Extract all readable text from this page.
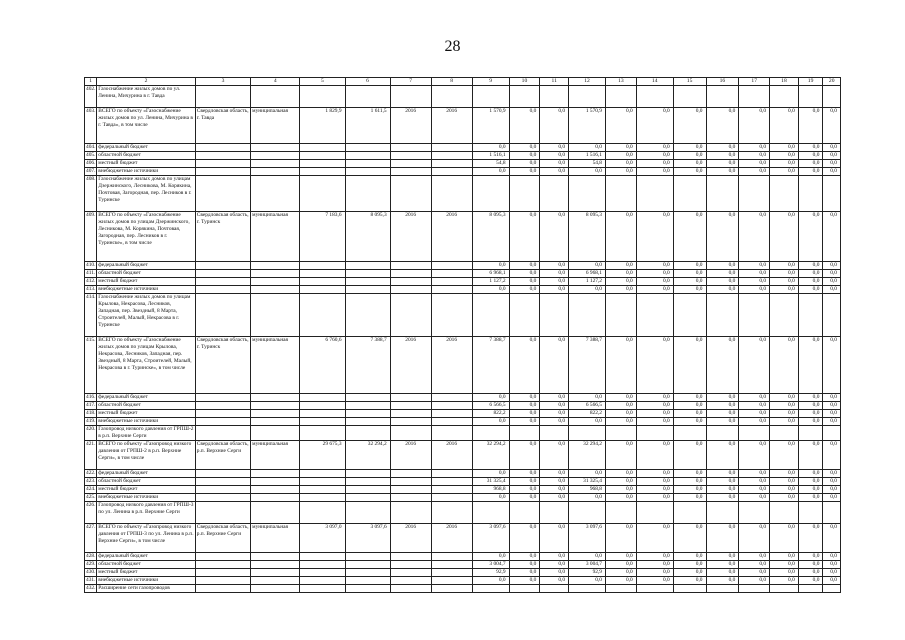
28
1	2	3	4	5	6	7	8	9	10	11	12	13	14	15	16	17	18	19	20
402.	Газоснабжение жилых домов по ул. Ленина, Мичурина в г. Тавдa																		
403.	ВСЕГО по объекту «Газоснабжение жилых домов по ул. Ленина, Мичурина в г. Тавда», в том числе	Свердловская область, г. Тавда	муниципальная	1 829,9	1 611,5	2016	2016	1 570,9	0,0	0,0	1 570,9	0,0	0,0	0,0	0,0	0,0	0,0	0,0	0,0
404.	федеральный бюджет							0,0	0,0	0,0	0,0	0,0	0,0	0,0	0,0	0,0	0,0	0,0	0,0
405.	областной бюджет							1 516,1	0,0	0,0	1 516,1	0,0	0,0	0,0	0,0	0,0	0,0	0,0	0,0
406.	местный бюджет							54,8	0,0	0,0	54,8	0,0	0,0	0,0	0,0	0,0	0,0	0,0	0,0
407.	внебюджетные источники							0,0	0,0	0,0	0,0	0,0	0,0	0,0	0,0	0,0	0,0	0,0	0,0
408.	Газоснабжение жилых домов по улицам Дзержинского, Лесникова, М. Корякина, Почтовая, Загородная, пер. Лесников в г. Туринске																		
409.	ВСЕГО по объекту «Газоснабжение жилых домов по улицам Дзержинского, Лесникова, М. Корякина, Почтовая, Загородная, пер. Лесников в г. Туринске», в том числе	Свердловская область, г. Туринск	муниципальная	7 183,6	8 095,3	2016	2016	8 095,3	0,0	0,0	8 095,3	0,0	0,0	0,0	0,0	0,0	0,0	0,0	0,0
410.	федеральный бюджет							0,0	0,0	0,0	0,0	0,0	0,0	0,0	0,0	0,0	0,0	0,0	0,0
411.	областной бюджет							6 968,1	0,0	0,0	6 968,1	0,0	0,0	0,0	0,0	0,0	0,0	0,0	0,0
412.	местный бюджет							1 127,2	0,0	0,0	1 127,2	0,0	0,0	0,0	0,0	0,0	0,0	0,0	0,0
413.	внебюджетные источники							0,0	0,0	0,0	0,0	0,0	0,0	0,0	0,0	0,0	0,0	0,0	0,0
414.	Газоснабжение жилых домов по улицам Крылова, Некрасова, Лесников, Западная, пер. Звездный, 8 Марта, Строителей, Малый, Некрасова в г. Туринске																		
415.	ВСЕГО по объекту «Газоснабжение жилых домов по улицам Крылова, Некрасова, Лесников, Западная, пер. Звездный, 8 Марта, Строителей, Малый, Некрасова в г. Туринске», в том числе	Свердловская область, г. Туринск	муниципальная	6 760,6	7 388,7	2016	2016	7 388,7	0,0	0,0	7 388,7	0,0	0,0	0,0	0,0	0,0	0,0	0,0	0,0
416.	федеральный бюджет							0,0	0,0	0,0	0,0	0,0	0,0	0,0	0,0	0,0	0,0	0,0	0,0
417.	областной бюджет							6 566,5	0,0	0,0	6 566,5	0,0	0,0	0,0	0,0	0,0	0,0	0,0	0,0
418.	местный бюджет							822,2	0,0	0,0	822,2	0,0	0,0	0,0	0,0	0,0	0,0	0,0	0,0
419.	внебюджетные источники							0,0	0,0	0,0	0,0	0,0	0,0	0,0	0,0	0,0	0,0	0,0	0,0
420.	Газопровод низкого давления от ГРПШ-2 в р.п. Верхние Серги																		
421.	ВСЕГО по объекту «Газопровод низкого давления от ГРПШ-2 в р.п. Верхние Серги», в том числе	Свердловская область, р.п. Верхние Серги	муниципальная	29 675,3	32 294,2	2016	2016	32 294,2	0,0	0,0	32 294,2	0,0	0,0	0,0	0,0	0,0	0,0	0,0	0,0
422.	федеральный бюджет							0,0	0,0	0,0	0,0	0,0	0,0	0,0	0,0	0,0	0,0	0,0	0,0
423.	областной бюджет							31 325,4	0,0	0,0	31 325,4	0,0	0,0	0,0	0,0	0,0	0,0	0,0	0,0
424.	местный бюджет							968,8	0,0	0,0	968,8	0,0	0,0	0,0	0,0	0,0	0,0	0,0	0,0
425.	внебюджетные источники							0,0	0,0	0,0	0,0	0,0	0,0	0,0	0,0	0,0	0,0	0,0	0,0
426.	Газопровод низкого давления от ГРПШ-3 по ул. Ленина в р.п. Верхние Серги																		
427.	ВСЕГО по объекту «Газопровод низкого давления от ГРПШ-3 по ул. Ленина в р.п. Верхние Серги», в том числе	Свердловская область, р.п. Верхние Серги	муниципальная	3 097,0	3 097,6	2016	2016	3 097,6	0,0	0,0	3 097,6	0,0	0,0	0,0	0,0	0,0	0,0	0,0	0,0
428.	федеральный бюджет							0,0	0,0	0,0	0,0	0,0	0,0	0,0	0,0	0,0	0,0	0,0	0,0
429.	областной бюджет							3 004,7	0,0	0,0	3 004,7	0,0	0,0	0,0	0,0	0,0	0,0	0,0	0,0
430.	местный бюджет							92,9	0,0	0,0	92,9	0,0	0,0	0,0	0,0	0,0	0,0	0,0	0,0
431.	внебюджетные источники							0,0	0,0	0,0	0,0	0,0	0,0	0,0	0,0	0,0	0,0	0,0	0,0
432.	Расширение сети газопроводов																		
